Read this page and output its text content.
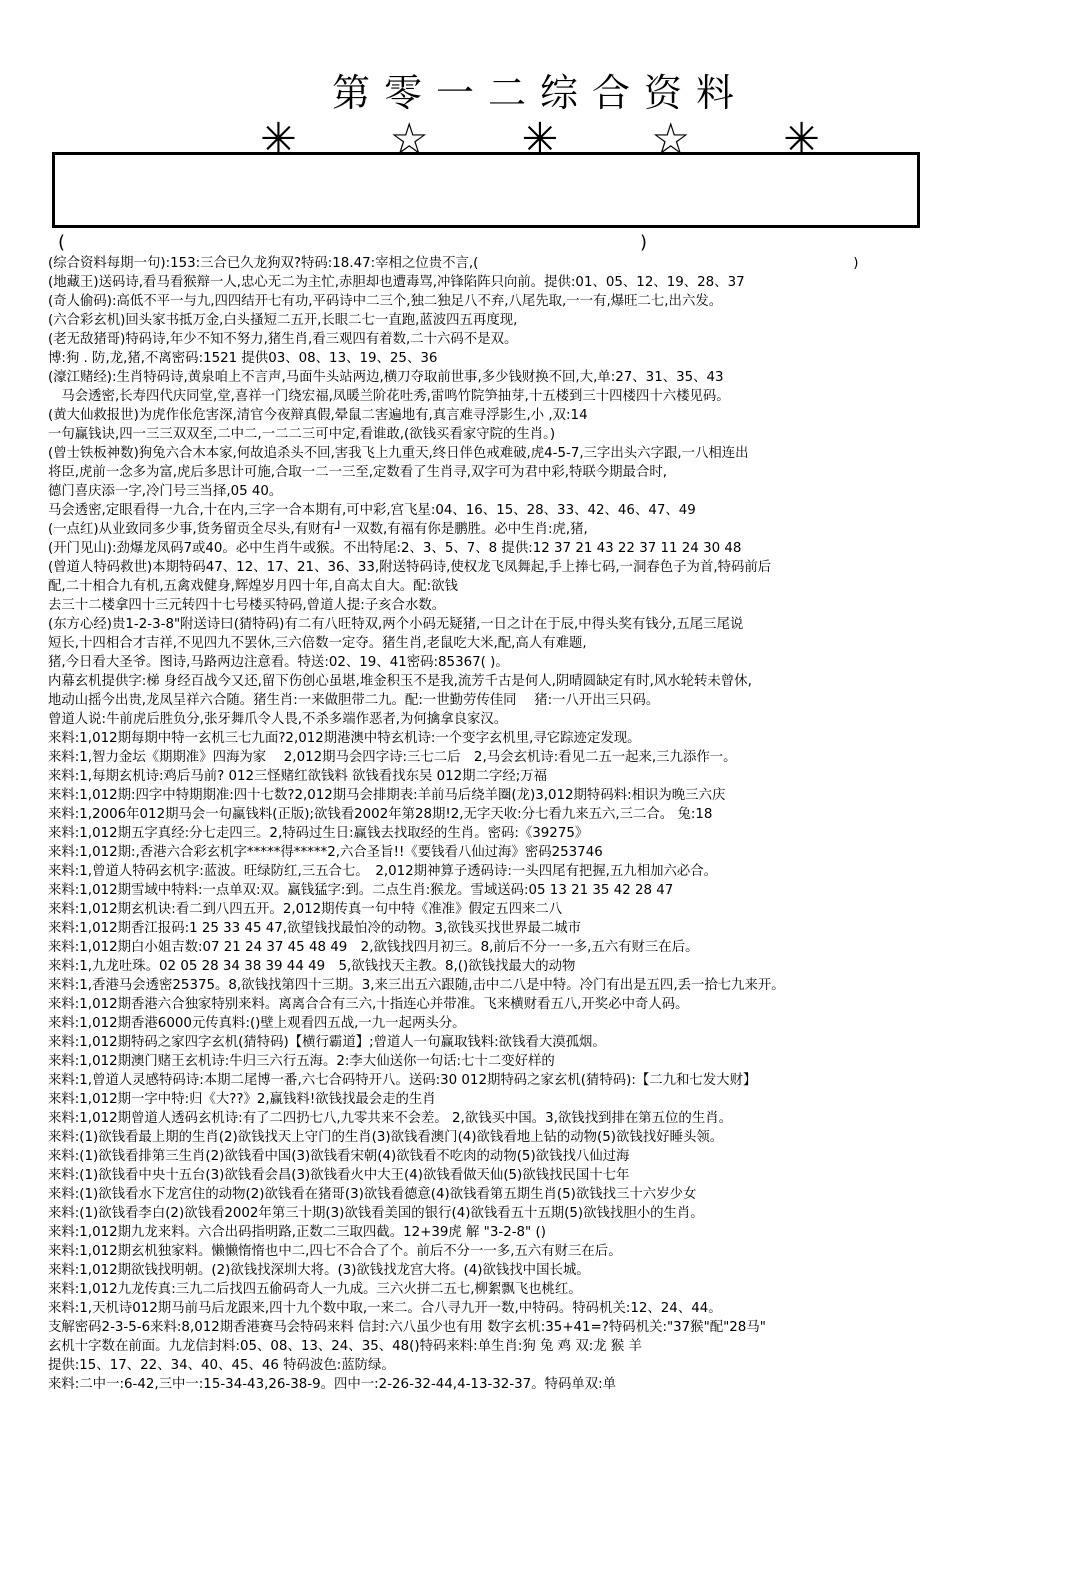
第零一二综合资料
✳ ☆ ✳ ☆ ✳
(	)
(综合资料每期一句):153:三合已久龙狗双?特码:18.47:宰相之位贵不言,(　　　　　　　　　　　　　　　　　　　　　　　　　　　　)
(地藏王)送码诗,看马看猴辩一人,忠心无二为主忙,赤胆却也遭毒骂,冲锋陷阵只向前。提供:01、05、12、19、28、37
(奇人偷码):高低不平一与九,四四结开七有功,平码诗中二三个,独二独足八不弃,八尾先取,一一有,爆旺二七,出六发。
(六合彩玄机)回头家书抵万金,白头搔短二五开,长眼二七一直跑,蓝波四五再度现,
(老无敌猪哥)特码诗,年少不知不努力,猪生肖,看三观四有着数,二十六码不是双。
博:狗 . 防,龙,猪,不离密码:1521 提供03、08、13、19、25、36
(濠江赌经):生肖特码诗,黄泉咱上不言声,马面牛头站两边,横刀夺取前世事,多少钱财换不回,大,单:27、31、35、43
　马会透密,长寿四代庆同堂,堂,喜祥一门绕宏福,凤暖兰阶花吐秀,雷鸣竹院笋抽芽,十五楼到三十四楼四十六楼见码。
(黄大仙救报世)为虎作伥危害深,清官今夜辩真假,晕鼠二害遍地有,真言难寻浮影生,小 ,双:14
一句赢钱诀,四一三三双双至,二中二,一二二三可中定,看谁敢,(欲钱买看家守院的生肖。)
(曾士铁板神数)狗兔六合木本家,何故追杀头不回,害我飞上九重天,终日伴色戒难破,虎4-5-7,三字出头六字跟,一八相连出
将臣,虎前一念多为富,虎后多思计可施,合取一二一三至,定数看了生肖寻,双字可为君中彩,特联今期最合时,
德门喜庆添一字,冷门号三当择,05 40。
马会透密,定眼看得一九合,十在内,三字一合本期有,可中彩,宫飞星:04、16、15、28、33、42、46、47、49
(一点红)从业致同多少事,货务留贡全尽头,有财有┘一双数,有福有你是鹏胜。必中生肖:虎,猪,
(开门见山):劲爆龙凤码7或40。必中生肖牛或猴。不出特尾:2、3、5、7、8 提供:12 37 21 43 22 37 11 24 30 48
(曾道人特码救世)本期特码47、12、17、21、36、33,附送特码诗,使权龙飞凤舞起,手上捧七码,一洞春色子为首,特码前后
配,二十相合九有机,五禽戏健身,辉煌岁月四十年,自高太自大。配:欲钱
去三十二楼拿四十三元转四十七号楼买特码,曾道人提:子亥合水数。
(东方心经)贵1-2-3-8"附送诗曰(猜特码)有二有八旺特双,两个小码无疑猪,一日之计在于辰,中得头奖有钱分,五尾三尾说
短长,十四相合才吉祥,不见四九不罢休,三六倍数一定夺。猪生肖,老鼠吃大米,配,高人有难题,
猪,今日看大圣爷。图诗,马路两边注意看。特送:02、19、41密码:85367( )。
内幕玄机提供字:梯 身经百战今又还,留下伤创心虽堪,堆金积玉不是我,流芳千古是何人,阴晴圆缺定有时,风水轮转未曾休,
地动山摇今出贵,龙凤呈祥六合随。猪生肖:一来做胆带二九。配:一世勤劳传佳同 　猪:一八开出三只码。
曾道人说:牛前虎后胜负分,张牙舞爪令人畏,不杀多端作恶者,为何擒拿良家汉。
来料:1,012期每期中特一玄机三七九面?2,012期港澳中特玄机诗:一个变字玄机里,寻它踪迹定发现。
来料:1,智力金坛《期期准》四海为家 　2,012期马会四字诗:三七二后　2,马会玄机诗:看见二五一起来,三九添作一。
来料:1,每期玄机诗:鸡后马前? 012三怪赌红欲钱料 欲钱看找东吴 012期二字经;万福
来料:1,012期:四字中特期期准:四十七数?2,012期马会排期表:羊前马后绕羊圈(龙)3,012期特码料:相识为晚三六庆
来料:1,2006年012期马会一句赢钱料(正版);欲钱看2002年第28期!2,无字天收:分七看九来五六,三二合。 兔:18
来料:1,012期五字真经:分七走四三。2,特码过生日:赢钱去找取经的生肖。密码:《39275》
来料:1,012期:,香港六合彩玄机字*****得*****2,六合圣旨!!《要钱看八仙过海》密码253746
来料:1,曾道人特码玄机字:蓝波。旺绿防红,三五合七。　2,012期神算子透码诗:一头四尾有把握,五九相加六必合。
来料:1,012期雪域中特料:一点单双:双。赢钱猛字:到。二点生肖:猴龙。雪域送码:05 13 21 35 42 28 47
来料:1,012期玄机诀:看二到八四五开。2,012期传真一句中特《准准》假定五四来二八
来料:1,012期香江报码:1 25 33 45 47,欲望钱找最怕冷的动物。3,欲钱买找世界最二城市
来料:1,012期白小姐吉数:07 21 24 37 45 48 49　2,欲钱找四月初三。8,前后不分一一多,五六有财三在后。
来料:1,九龙吐珠。02 05 28 34 38 39 44 49　5,欲钱找天主教。8,()欲钱找最大的动物
来料:1,香港马会透密25375。8,欲钱找第四十三期。3,来三出五六跟随,击中二八是中特。冷门有出是五四,丢一拾七九来开。
来料:1,012期香港六合独家特别来料。离离合合有三六,十指连心并带准。飞来横财看五八,开奖必中奇人码。
来料:1,012期香港6000元传真料:()壁上观看四五战,一九一起两头分。
来料:1,012期特码之家四字玄机(猜特码)【横行霸道】;曾道人一句赢取钱料:欲钱看大漠孤烟。
来料:1,012期澳门赌王玄机诗:牛归三六行五海。2:李大仙送你一句话:七十二变好样的
来料:1,曾道人灵感特码诗:本期二尾博一番,六七合码特开八。送码:30 012期特码之家玄机(猜特码):【二九和七发大财】
来料:1,012期一字中特:归《大??》2,赢钱料!欲钱找最会走的生肖
来料:1,012期曾道人透码玄机诗:有了二四扔七八,九零共来不会差。 2,欲钱买中国。3,欲钱找到排在第五位的生肖。
来料:(1)欲钱看最上期的生肖(2)欲钱找天上守门的生肖(3)欲钱看澳门(4)欲钱看地上钻的动物(5)欲钱找好睡头领。
来料:(1)欲钱看排第三生肖(2)欲钱看中国(3)欲钱看宋朝(4)欲钱看不吃肉的动物(5)欲钱找八仙过海
来料:(1)欲钱看中央十五台(3)欲钱看会昌(3)欲钱看火中大王(4)欲钱看做天仙(5)欲钱找民国十七年
来料:(1)欲钱看水下龙宫住的动物(2)欲钱看在猪哥(3)欲钱看德意(4)欲钱看第五期生肖(5)欲钱找三十六岁少女
来料:(1)欲钱看李白(2)欲钱看2002年第三十期(3)欲钱看美国的银行(4)欲钱看五十五期(5)欲钱找胆小的生肖。
来料:1,012期九龙来料。六合出码指明路,正数二三取四截。12+39虎 解 "3-2-8" ()
来料:1,012期玄机独家料。懒懒惰惰也中二,四七不合合了个。前后不分一一多,五六有财三在后。
来料:1,012期欲钱找明朝。(2)欲钱找深圳大将。(3)欲钱找龙宫大将。(4)欲钱找中国长城。
来料:1,012九龙传真:三九二后找四五偷码奇人一九成。三六火拼二五七,柳絮飘飞也桃红。
来料:1,天机诗012期马前马后龙跟来,四十九个数中取,一来二。合八寻九开一数,中特码。特码机关:12、24、44。
支解密码2-3-5-6来料:8,012期香港赛马会特码来料 信封:六八虽少也有用 数字玄机:35+41=?特码机关:"37猴"配"28马"
玄机十字数在前面。九龙信封料:05、08、13、24、35、48()特码来料:单生肖:狗 兔 鸡 双:龙 猴 羊
提供:15、17、22、34、40、45、46 特码波色:蓝防绿。
来料:二中一:6-42,三中一:15-34-43,26-38-9。四中一:2-26-32-44,4-13-32-37。特码单双:单
